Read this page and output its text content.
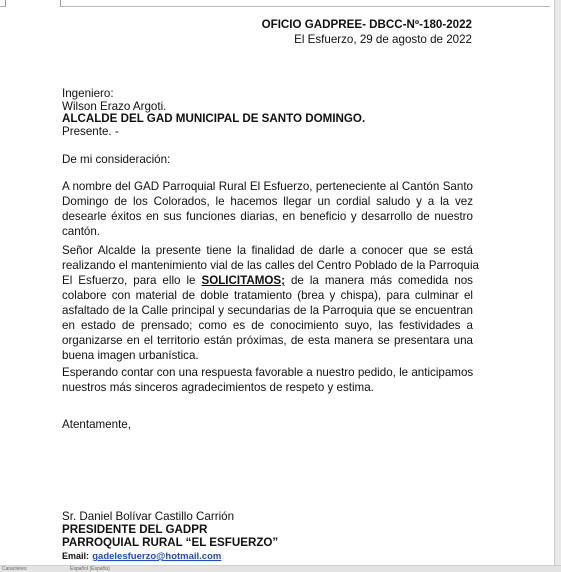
OFICIO GADPREE- DBCC-Nº-180-2022
El Esfuerzo, 29 de agosto de 2022
Ingeniero:
Wilson Erazo Argoti.
ALCALDE DEL GAD MUNICIPAL DE SANTO DOMINGO.
Presente. -
De mi consideración:
A nombre del GAD Parroquial Rural El Esfuerzo, perteneciente al Cantón Santo
Domingo de los Colorados, le hacemos llegar un cordial saludo y a la vez
desearle éxitos en sus funciones diarias, en beneficio y desarrollo de nuestro
cantón.
Señor Alcalde la presente tiene la finalidad de darle a conocer que se está
realizando el mantenimiento vial de las calles del Centro Poblado de la Parroquia
El Esfuerzo, para ello le SOLICITAMOS; de la manera más comedida nos
colabore con material de doble tratamiento (brea y chispa), para culminar el
asfaltado de la Calle principal y secundarias de la Parroquia que se encuentran
en estado de prensado; como es de conocimiento suyo, las festividades a
organizarse en el territorio están próximas, de esta manera se presentara una
buena imagen urbanística.
Esperando contar con una respuesta favorable a nuestro pedido, le anticipamos
nuestros más sinceros agradecimientos de respeto y estima.
Atentamente,
Sr. Daniel Bolívar Castillo Carrión
PRESIDENTE DEL GADPR
PARROQUIAL RURAL “EL ESFUERZO”
Email: gadelesfuerzo@hotmail.com
Caracteres	Español (España)
